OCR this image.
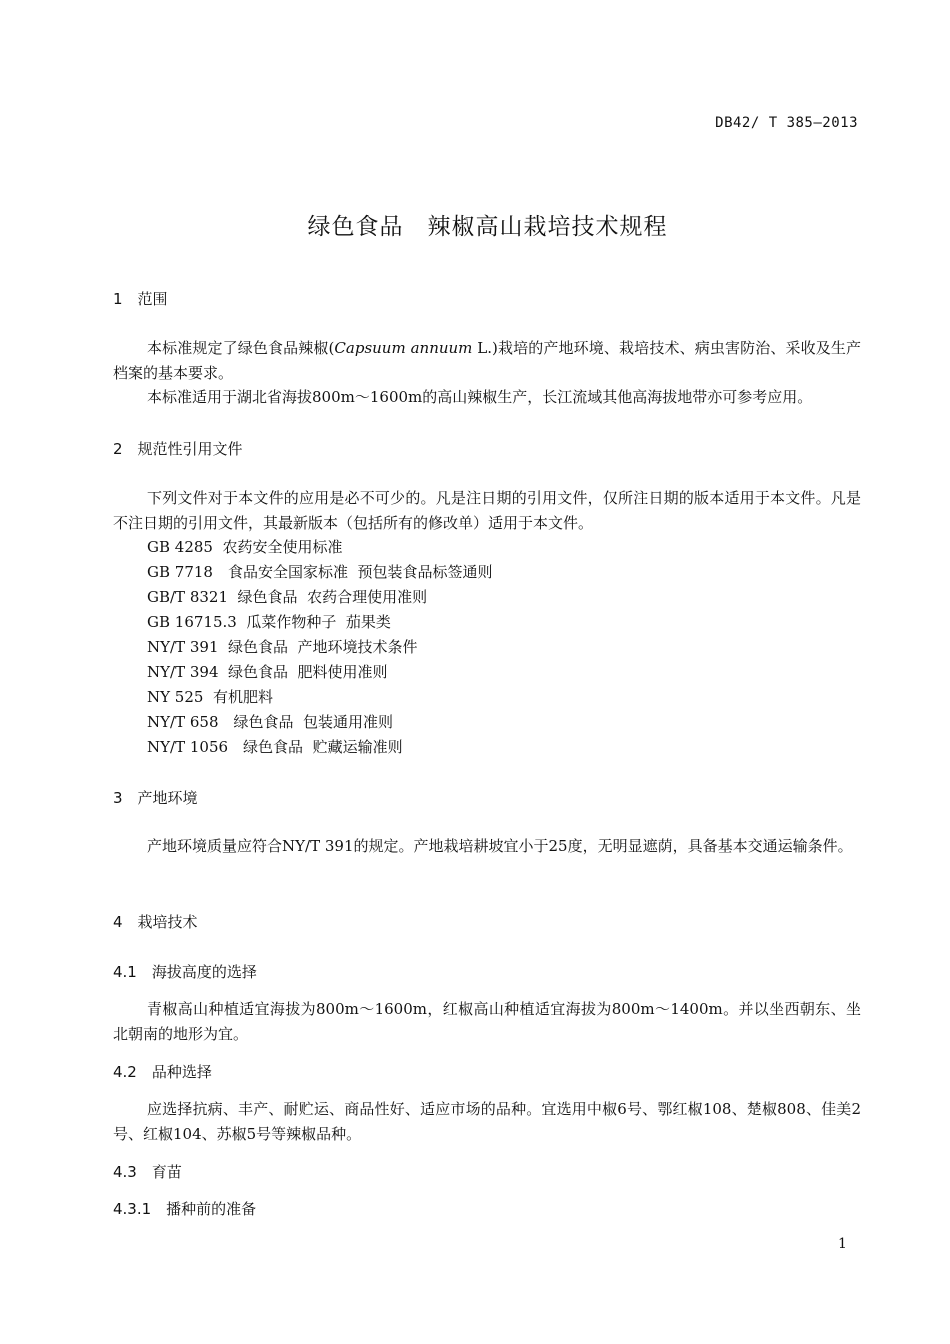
DB42/ T 385—2013
绿色食品　辣椒高山栽培技术规程
1　范围

本标准规定了绿色食品辣椒(Capsuum annuum L.)栽培的产地环境、栽培技术、病虫害防治、采收及生产档案的基本要求。

本标准适用于湖北省海拔800m～1600m的高山辣椒生产，长江流域其他高海拔地带亦可参考应用。

2　规范性引用文件

下列文件对于本文件的应用是必不可少的。凡是注日期的引用文件，仅所注日期的版本适用于本文件。凡是不注日期的引用文件，其最新版本（包括所有的修改单）适用于本文件。

GB 4285  农药安全使用标准
GB 7718　食品安全国家标准  预包装食品标签通则
GB/T 8321  绿色食品  农药合理使用准则
GB 16715.3  瓜菜作物种子  茄果类
NY/T 391  绿色食品  产地环境技术条件
NY/T 394  绿色食品  肥料使用准则
NY 525  有机肥料
NY/T 658　绿色食品  包装通用准则
NY/T 1056　绿色食品  贮藏运输准则
3　产地环境

产地环境质量应符合NY/T 391的规定。产地栽培耕坡宜小于25度，无明显遮荫，具备基本交通运输条件。

4　栽培技术
4.1　海拔高度的选择

青椒高山种植适宜海拔为800m～1600m，红椒高山种植适宜海拔为800m～1400m。并以坐西朝东、坐北朝南的地形为宜。

4.2　品种选择

应选择抗病、丰产、耐贮运、商品性好、适应市场的品种。宜选用中椒6号、鄂红椒108、楚椒808、佳美2号、红椒104、苏椒5号等辣椒品种。

4.3　育苗
4.3.1　播种前的准备
1
